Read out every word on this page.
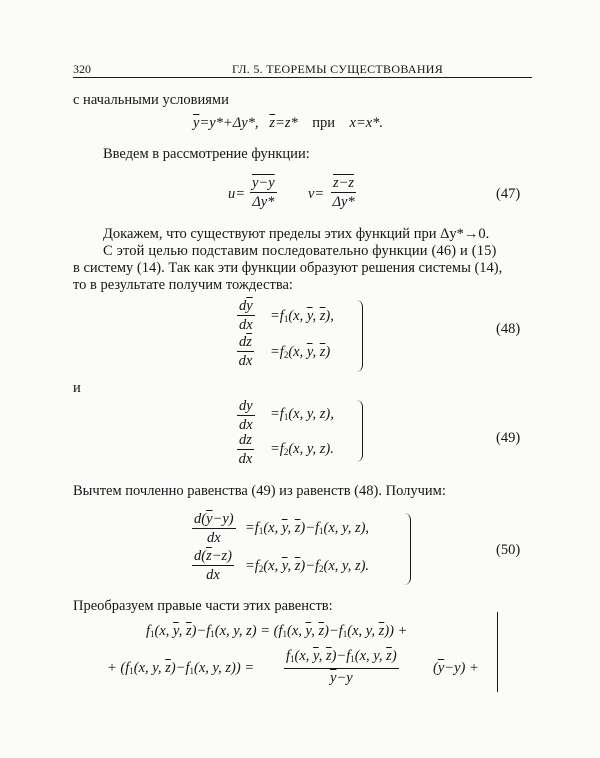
320	ГЛ. 5. ТЕОРЕМЫ СУЩЕСТВОВАНИЯ
с начальными условиями
$\overline{y}=y*+\Delta y*$, $\overline{z}=z*$ при x=x*.
Введем в рассмотрение функции:
$u= \frac{y-y}{\Delta y*} v= \frac{z-z}{\Delta y*}$	(47)
Докажем, что существуют пределы этих функций при Δy*→0.
С этой целью подставим последовательно функции (46) и (15)
в систему (14). Так как эти функции образуют решения системы (14),
то в результате получим тождества:
$\frac{d\overline{y}}{dx} =f_1(x$, $\overline{y}$, $\overline{z}$),
$\frac{d\overline{z}}{dx} =f_2(x$, $\overline{y}$, $\overline{z}$)
(48)
и
$\frac{dy}{dx} =f_1(x$, y, z),
$\frac{dz}{dx} =f_2(x$, y, z).
(49)
Вычтем почленно равенства (49) из равенств (48). Получим:
$\frac{d(\overline{y}-y)}{dx} =f_1(x$, $\overline{y}$, $\overline{z})-f_1(x$, y, z),
$\frac{d(\overline{z}-z)}{dx} =f_2(x$, $\overline{y}$, $\overline{z})-f_2(x$, y, z).
(50)
Преобразуем правые части этих равенств:
$f_1(x$, $\overline{y}$, $\overline{z})-f_1(x$, y, $z) = (f_1(x$, $\overline{y}$, $\overline{z})-f_1(x$, y, $\overline{z}$)) +
+ ($f_1(x$, y, $\overline{z})-f_1(x$, y, $z)) = \frac{f_1(x, \overline{y}, \overline{z})-f_1(x, y, \overline{z})}{\overline{y}-y} (\overline{y}-y)$ +
